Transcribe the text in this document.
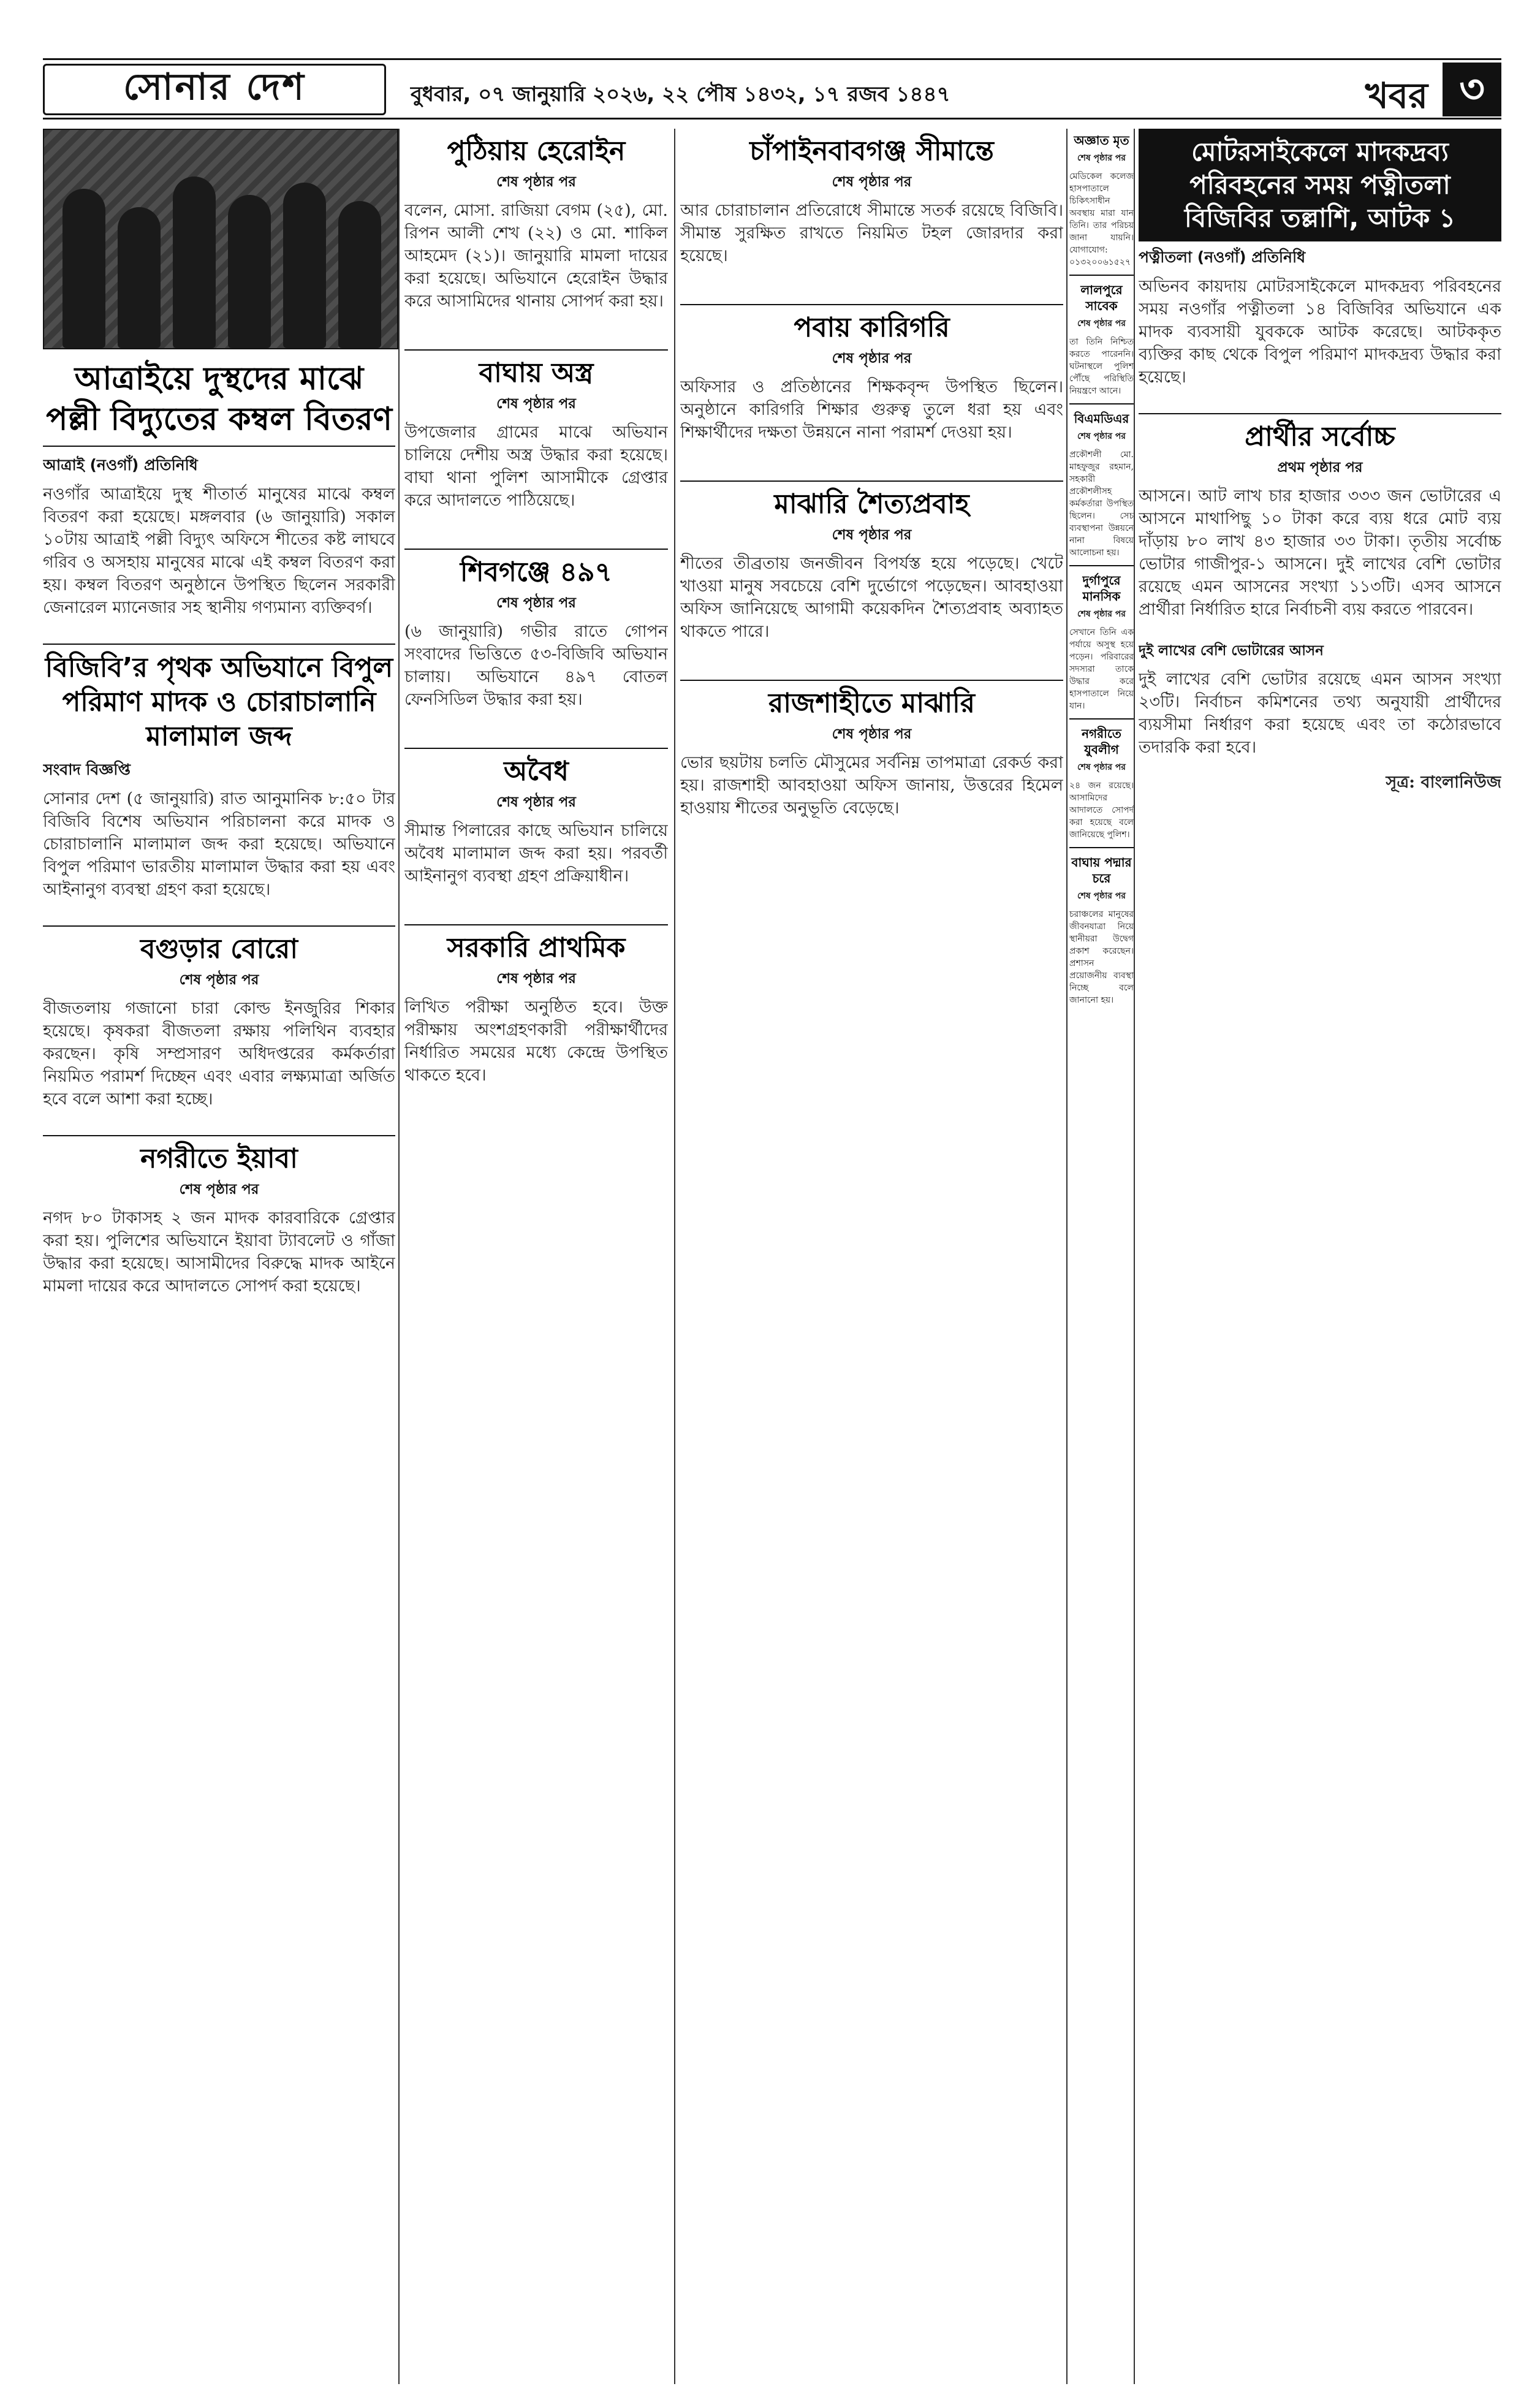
সোনার দেশ	বুধবার, ০৭ জানুয়ারি ২০২৬, ২২ পৌষ ১৪৩২, ১৭ রজব ১৪৪৭	খবর ৩
আত্রাইয়ে দুস্থদের মাঝে পল্লী বিদ্যুতের কম্বল বিতরণ
আত্রাই (নওগাঁ) প্রতিনিধি
নওগাঁর আত্রাইয়ে দুস্থ শীতার্ত মানুষের মাঝে কম্বল বিতরণ করা হয়েছে। মঙ্গলবার (৬ জানুয়ারি) সকাল ১০টায় আত্রাই পল্লী বিদ্যুৎ অফিসে শীতের কষ্ট লাঘবে গরিব ও অসহায় মানুষের মাঝে এই কম্বল বিতরণ করা হয়। কম্বল বিতরণ অনুষ্ঠানে উপস্থিত ছিলেন সরকারী জেনারেল ম্যানেজার সহ স্থানীয় গণ্যমান্য ব্যক্তিবর্গ।
বিজিবি’র পৃথক অভিযানে বিপুল পরিমাণ মাদক ও চোরাচালানি মালামাল জব্দ
সংবাদ বিজ্ঞপ্তি
সোনার দেশ (৫ জানুয়ারি) রাত আনুমানিক ৮:৫০ টার বিজিবি বিশেষ অভিযান পরিচালনা করে মাদক ও চোরাচালানি মালামাল জব্দ করা হয়েছে। অভিযানে বিপুল পরিমাণ ভারতীয় মালামাল উদ্ধার করা হয় এবং আইনানুগ ব্যবস্থা গ্রহণ করা হয়েছে।
বগুড়ার বোরো
শেষ পৃষ্ঠার পর
বীজতলায় গজানো চারা কোল্ড ইনজুরির শিকার হয়েছে। কৃষকরা বীজতলা রক্ষায় পলিথিন ব্যবহার করছেন। কৃষি সম্প্রসারণ অধিদপ্তরের কর্মকর্তারা নিয়মিত পরামর্শ দিচ্ছেন এবং এবার লক্ষ্যমাত্রা অর্জিত হবে বলে আশা করা হচ্ছে।
নগরীতে ইয়াবা
শেষ পৃষ্ঠার পর
নগদ ৮০ টাকাসহ ২ জন মাদক কারবারিকে গ্রেপ্তার করা হয়। পুলিশের অভিযানে ইয়াবা ট্যাবলেট ও গাঁজা উদ্ধার করা হয়েছে। আসামীদের বিরুদ্ধে মাদক আইনে মামলা দায়ের করে আদালতে সোপর্দ করা হয়েছে।
পুঠিয়ায় হেরোইন
শেষ পৃষ্ঠার পর
বলেন, মোসা. রাজিয়া বেগম (২৫), মো. রিপন আলী শেখ (২২) ও মো. শাকিল আহমেদ (২১)। জানুয়ারি মামলা দায়ের করা হয়েছে। অভিযানে হেরোইন উদ্ধার করে আসামিদের থানায় সোপর্দ করা হয়।
বাঘায় অস্ত্র
শেষ পৃষ্ঠার পর
উপজেলার গ্রামের মাঝে অভিযান চালিয়ে দেশীয় অস্ত্র উদ্ধার করা হয়েছে। বাঘা থানা পুলিশ আসামীকে গ্রেপ্তার করে আদালতে পাঠিয়েছে।
শিবগঞ্জে ৪৯৭
শেষ পৃষ্ঠার পর
(৬ জানুয়ারি) গভীর রাতে গোপন সংবাদের ভিত্তিতে ৫৩-বিজিবি অভিযান চালায়। অভিযানে ৪৯৭ বোতল ফেনসিডিল উদ্ধার করা হয়।
অবৈধ
শেষ পৃষ্ঠার পর
সীমান্ত পিলারের কাছে অভিযান চালিয়ে অবৈধ মালামাল জব্দ করা হয়। পরবর্তী আইনানুগ ব্যবস্থা গ্রহণ প্রক্রিয়াধীন।
সরকারি প্রাথমিক
শেষ পৃষ্ঠার পর
লিখিত পরীক্ষা অনুষ্ঠিত হবে। উক্ত পরীক্ষায় অংশগ্রহণকারী পরীক্ষার্থীদের নির্ধারিত সময়ের মধ্যে কেন্দ্রে উপস্থিত থাকতে হবে।
চাঁপাইনবাবগঞ্জ সীমান্তে
শেষ পৃষ্ঠার পর
আর চোরাচালান প্রতিরোধে সীমান্তে সতর্ক রয়েছে বিজিবি। সীমান্ত সুরক্ষিত রাখতে নিয়মিত টহল জোরদার করা হয়েছে।
পবায় কারিগরি
শেষ পৃষ্ঠার পর
অফিসার ও প্রতিষ্ঠানের শিক্ষকবৃন্দ উপস্থিত ছিলেন। অনুষ্ঠানে কারিগরি শিক্ষার গুরুত্ব তুলে ধরা হয় এবং শিক্ষার্থীদের দক্ষতা উন্নয়নে নানা পরামর্শ দেওয়া হয়।
মাঝারি শৈত্যপ্রবাহ
শেষ পৃষ্ঠার পর
শীতের তীব্রতায় জনজীবন বিপর্যস্ত হয়ে পড়েছে। খেটে খাওয়া মানুষ সবচেয়ে বেশি দুর্ভোগে পড়েছেন। আবহাওয়া অফিস জানিয়েছে আগামী কয়েকদিন শৈত্যপ্রবাহ অব্যাহত থাকতে পারে।
রাজশাহীতে মাঝারি
শেষ পৃষ্ঠার পর
ভোর ছয়টায় চলতি মৌসুমের সর্বনিম্ন তাপমাত্রা রেকর্ড করা হয়। রাজশাহী আবহাওয়া অফিস জানায়, উত্তরের হিমেল হাওয়ায় শীতের অনুভূতি বেড়েছে।
মোটরসাইকেলে মাদকদ্রব্য পরিবহনের সময় পত্নীতলা বিজিবির তল্লাশি, আটক ১
পত্নীতলা (নওগাঁ) প্রতিনিধি
অভিনব কায়দায় মোটরসাইকেলে মাদকদ্রব্য পরিবহনের সময় নওগাঁর পত্নীতলা ১৪ বিজিবির অভিযানে এক মাদক ব্যবসায়ী যুবককে আটক করেছে। আটককৃত ব্যক্তির কাছ থেকে বিপুল পরিমাণ মাদকদ্রব্য উদ্ধার করা হয়েছে।
প্রার্থীর সর্বোচ্চ
প্রথম পৃষ্ঠার পর
আসনে। আট লাখ চার হাজার ৩৩৩ জন ভোটারের এ আসনে মাথাপিছু ১০ টাকা করে ব্যয় ধরে মোট ব্যয় দাঁড়ায় ৮০ লাখ ৪৩ হাজার ৩৩ টাকা। তৃতীয় সর্বোচ্চ ভোটার গাজীপুর-১ আসনে। দুই লাখের বেশি ভোটার রয়েছে এমন আসনের সংখ্যা ১১৩টি। এসব আসনে প্রার্থীরা নির্ধারিত হারে নির্বাচনী ব্যয় করতে পারবেন।
দুই লাখের বেশি ভোটারের আসন
দুই লাখের বেশি ভোটার রয়েছে এমন আসন সংখ্যা ২৩টি। নির্বাচন কমিশনের তথ্য অনুযায়ী প্রার্থীদের ব্যয়সীমা নির্ধারণ করা হয়েছে এবং তা কঠোরভাবে তদারকি করা হবে।
সূত্র: বাংলানিউজ
অজ্ঞাত মৃত
শেষ পৃষ্ঠার পর
মেডিকেল কলেজ হাসপাতালে চিকিৎসাধীন অবস্থায় মারা যান তিনি। তার পরিচয় জানা যায়নি। যোগাযোগ: ০১৩২০০৬১৫২৭
লালপুরে সাবেক
শেষ পৃষ্ঠার পর
তা তিনি নিশ্চিত করতে পারেননি। ঘটনাস্থলে পুলিশ পৌঁছে পরিস্থিতি নিয়ন্ত্রণে আনে।
বিএমডিএর
শেষ পৃষ্ঠার পর
প্রকৌশলী মো. মাহফুজুর রহমান, সহকারী প্রকৌশলীসহ কর্মকর্তারা উপস্থিত ছিলেন। সেচ ব্যবস্থাপনা উন্নয়নে নানা বিষয়ে আলোচনা হয়।
দুর্গাপুরে মানসিক
শেষ পৃষ্ঠার পর
সেখানে তিনি এক পর্যায়ে অসুস্থ হয়ে পড়েন। পরিবারের সদস্যরা তাকে উদ্ধার করে হাসপাতালে নিয়ে যান।
নগরীতে যুবলীগ
শেষ পৃষ্ঠার পর
২৪ জন রয়েছে। আসামিদের আদালতে সোপর্দ করা হয়েছে বলে জানিয়েছে পুলিশ।
বাঘায় পদ্মার চরে
শেষ পৃষ্ঠার পর
চরাঞ্চলের মানুষের জীবনযাত্রা নিয়ে স্থানীয়রা উদ্বেগ প্রকাশ করেছেন। প্রশাসন প্রয়োজনীয় ব্যবস্থা নিচ্ছে বলে জানানো হয়।
